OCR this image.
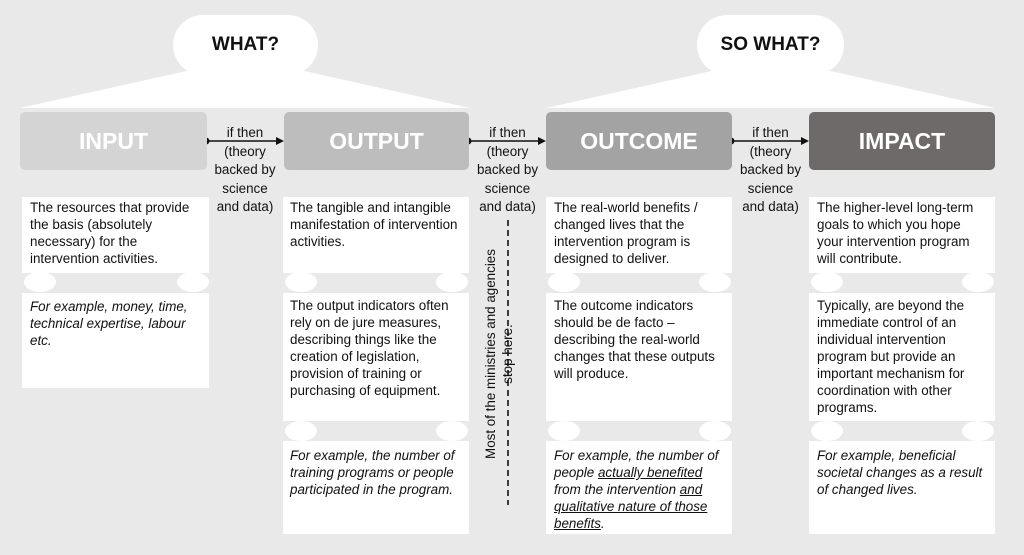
WHAT?	SO WHAT?
INPUT	OUTPUT	OUTCOME	IMPACT
if then
(theory
backed by
science
and data)
if then
(theory
backed by
science
and data)
if then
(theory
backed by
science
and data)
The resources that provide the basis (absolutely necessary) for the intervention activities.
For example, money, time, technical expertise, labour etc.
The tangible and intangible manifestation of intervention activities.
The output indicators often rely on de jure measures, describing things like the creation of legislation, provision of training or purchasing of equipment.
For example, the number of training programs or people participated in the program.
The real-world benefits / changed lives that the intervention program is designed to deliver.
The outcome indicators should be de facto – describing the real-world changes that these outputs will produce.
For example, the number of people actually benefited from the intervention and qualitative nature of those benefits.
The higher-level long-term goals to which you hope your intervention program will contribute.
Typically, are beyond the immediate control of an individual intervention program but provide an important mechanism for coordination with other programs.
For example, beneficial societal changes as a result of changed lives.
Most of the ministries and agencies stop here.
